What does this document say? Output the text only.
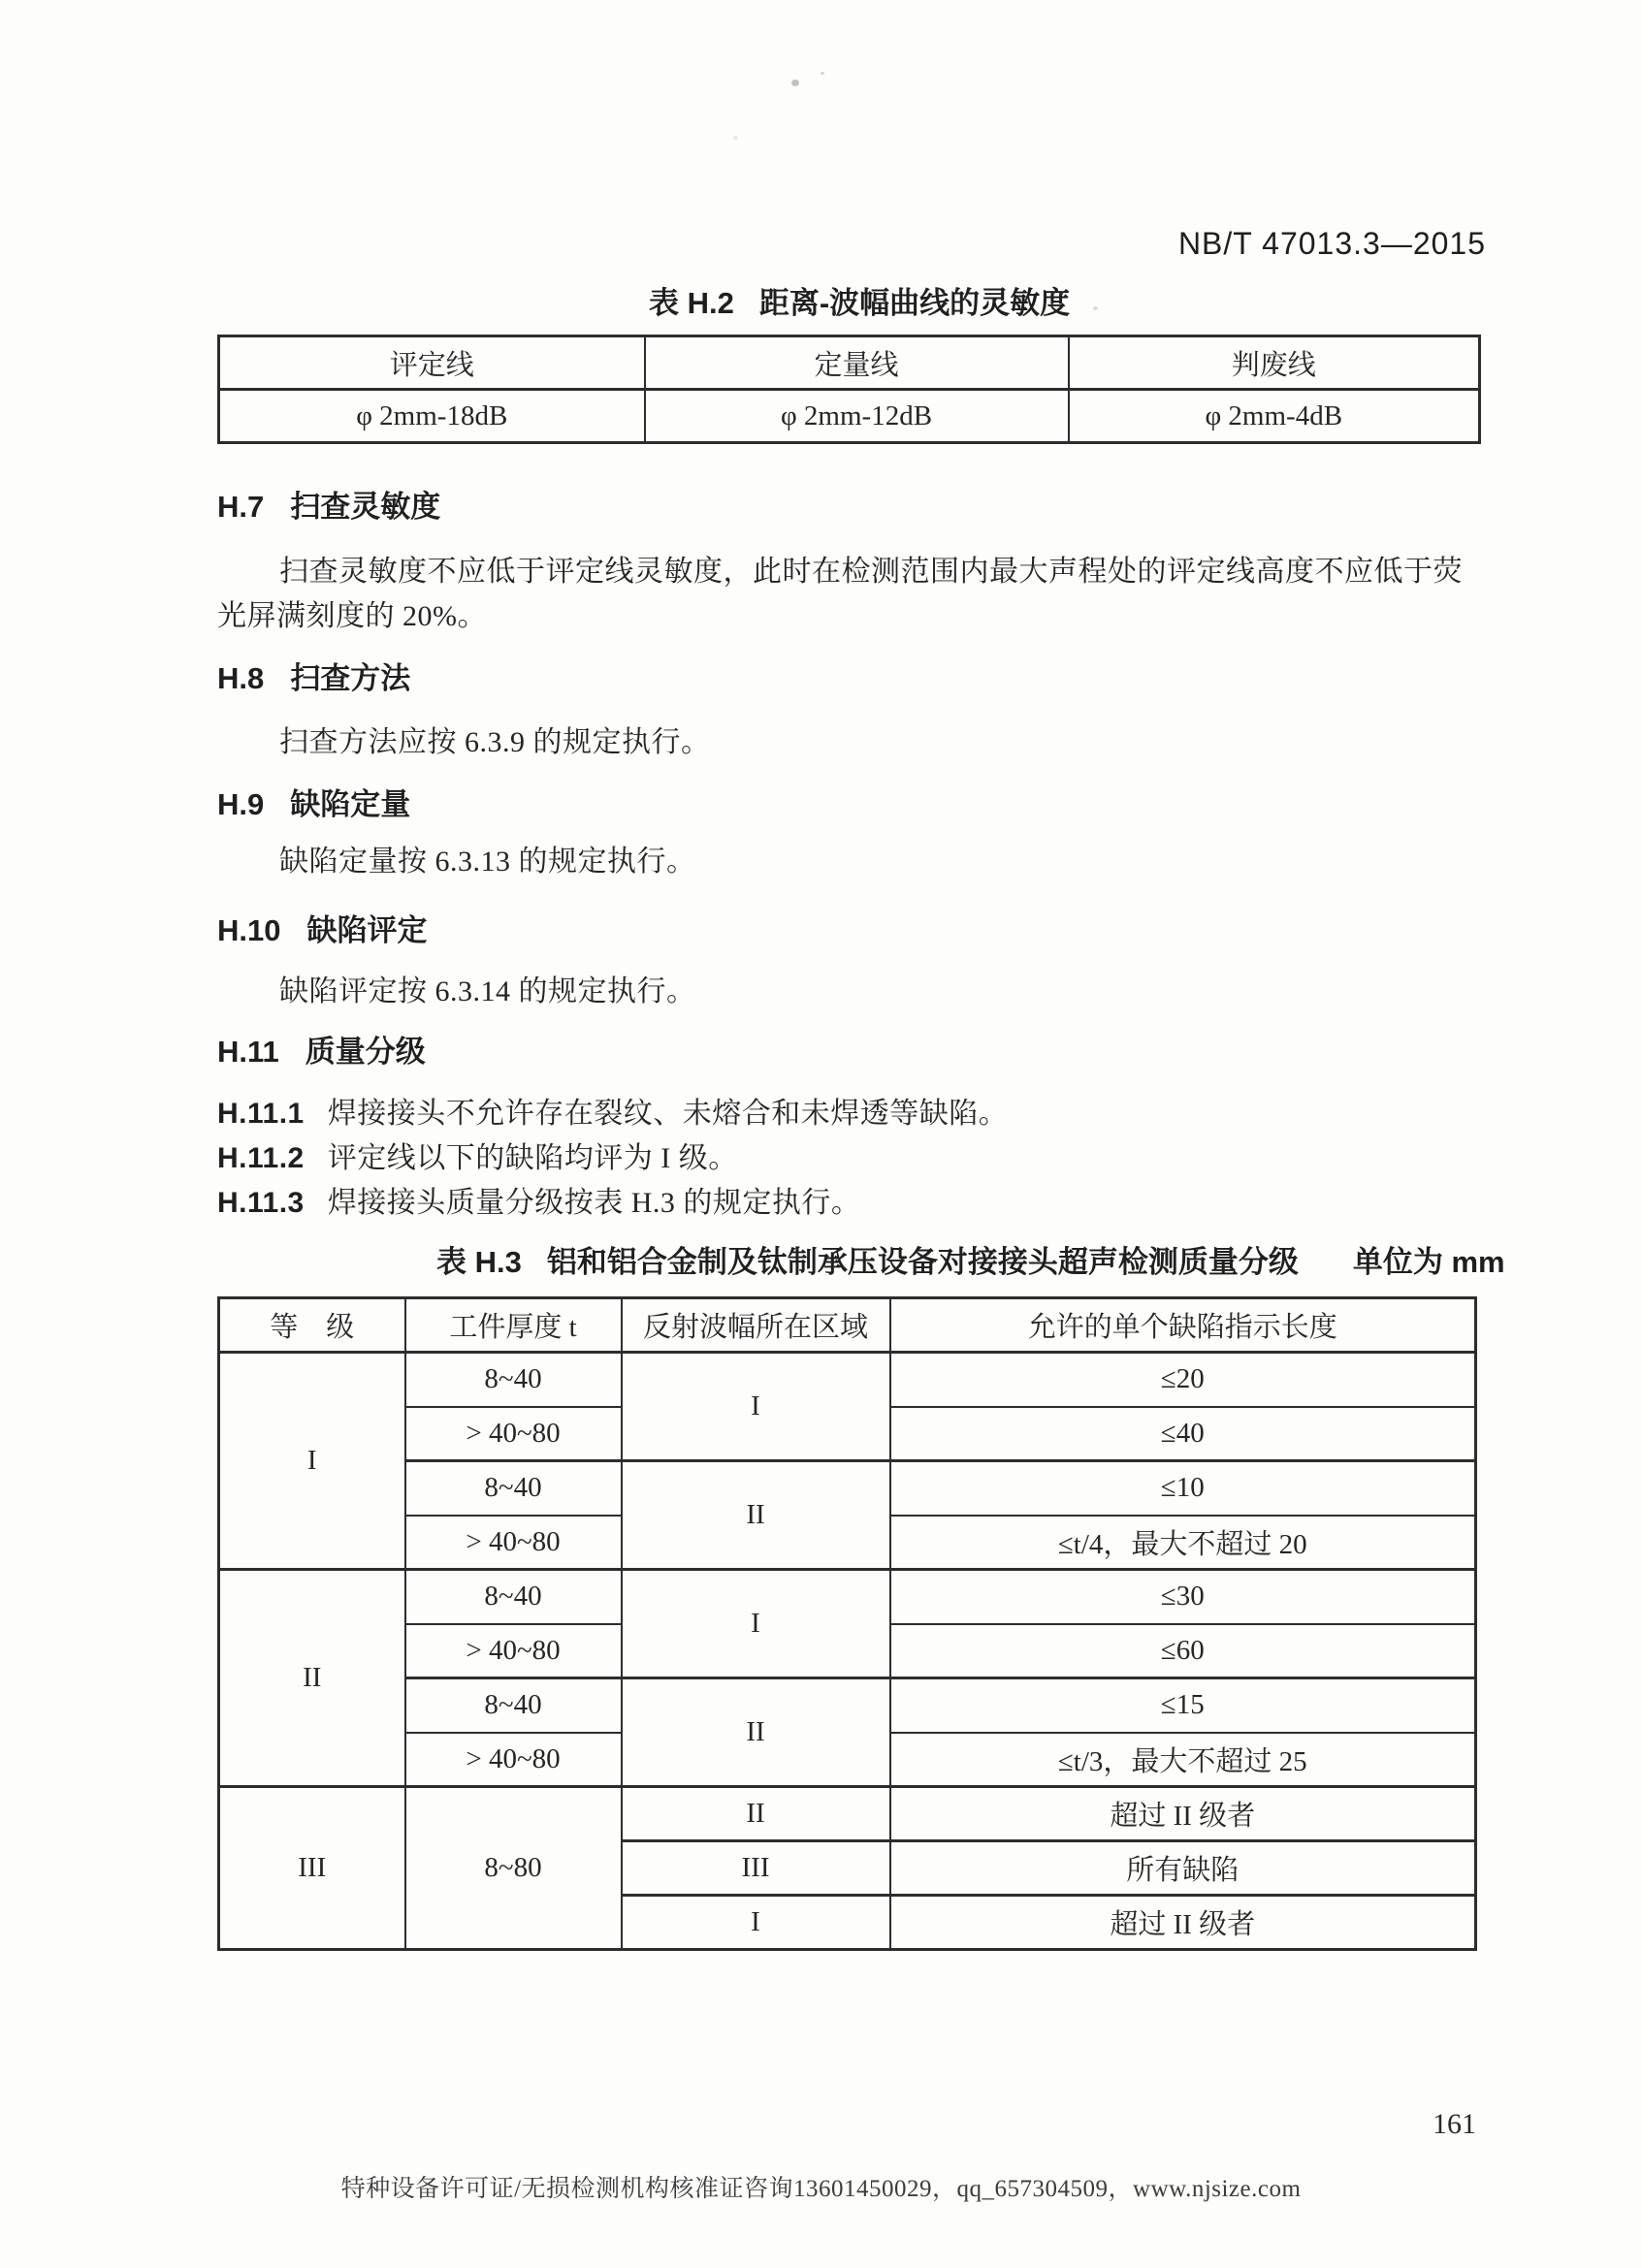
NB/T 47013.3—2015
表 H.2 距离-波幅曲线的灵敏度
评定线	定量线	判废线
φ 2mm-18dB	φ 2mm-12dB	φ 2mm-4dB
H.7 扫查灵敏度

扫查灵敏度不应低于评定线灵敏度，此时在检测范围内最大声程处的评定线高度不应低于荧光屏满刻度的 20%。

H.8 扫查方法

扫查方法应按 6.3.9 的规定执行。

H.9 缺陷定量

缺陷定量按 6.3.13 的规定执行。

H.10 缺陷评定

缺陷评定按 6.3.14 的规定执行。

H.11 质量分级
H.11.1 焊接接头不允许存在裂纹、未熔合和未焊透等缺陷。
H.11.2 评定线以下的缺陷均评为 I 级。
H.11.3 焊接接头质量分级按表 H.3 的规定执行。
表 H.3 铝和铝合金制及钛制承压设备对接接头超声检测质量分级 单位为 mm
等　级	工件厚度 t	反射波幅所在区域	允许的单个缺陷指示长度
I	8~40	I	≤20
	> 40~80		≤40
	8~40	II	≤10
	> 40~80		≤t/4，最大不超过 20
II	8~40	I	≤30
	> 40~80		≤60
	8~40	II	≤15
	> 40~80		≤t/3，最大不超过 25
III	8~80	II	超过 II 级者
		III	所有缺陷
		I	超过 II 级者
161
特种设备许可证/无损检测机构核准证咨询13601450029，qq_657304509，www.njsize.com
